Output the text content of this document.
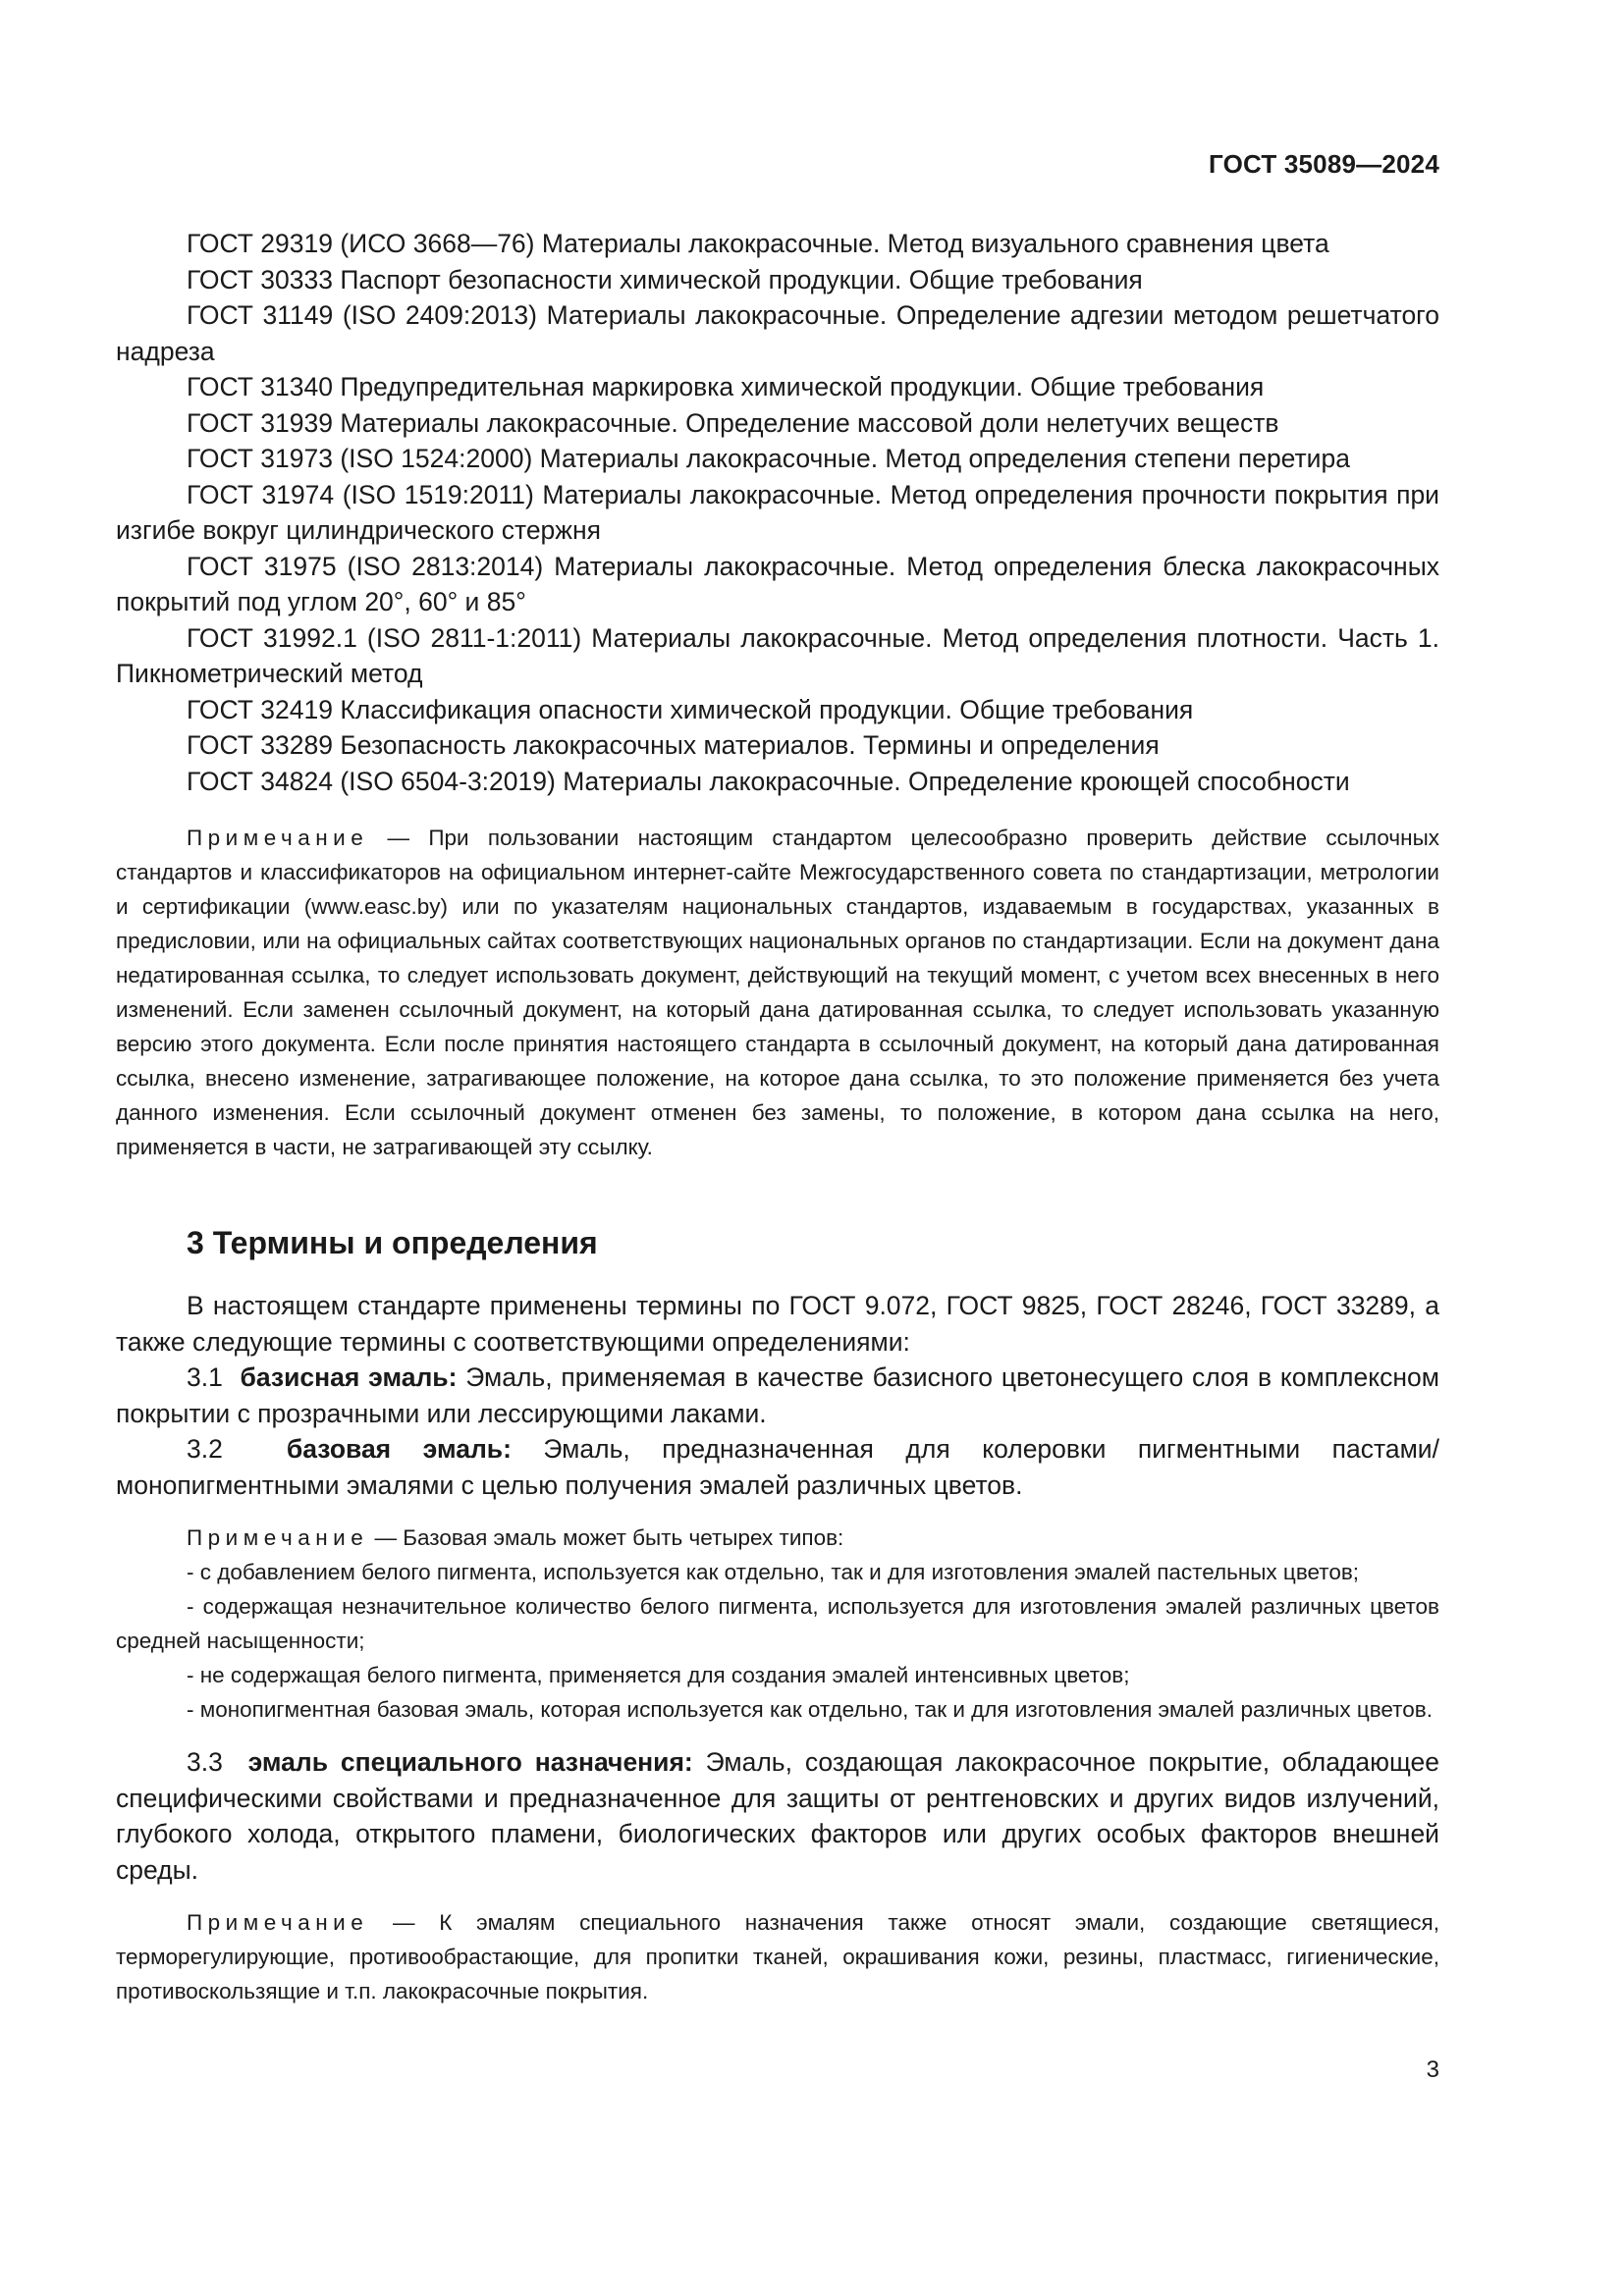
ГОСТ 35089—2024

ГОСТ 29319 (ИСО 3668—76) Материалы лакокрасочные. Метод визуального сравнения цвета

ГОСТ 30333 Паспорт безопасности химической продукции. Общие требования

ГОСТ 31149 (ISO 2409:2013) Материалы лакокрасочные. Определение адгезии методом решетчатого надреза

ГОСТ 31340 Предупредительная маркировка химической продукции. Общие требования

ГОСТ 31939 Материалы лакокрасочные. Определение массовой доли нелетучих веществ

ГОСТ 31973 (ISO 1524:2000) Материалы лакокрасочные. Метод определения степени перетира

ГОСТ 31974 (ISO 1519:2011) Материалы лакокрасочные. Метод определения прочности покрытия при изгибе вокруг цилиндрического стержня

ГОСТ 31975 (ISO 2813:2014) Материалы лакокрасочные. Метод определения блеска лакокрасочных покрытий под углом 20°, 60° и 85°

ГОСТ 31992.1 (ISO 2811-1:2011) Материалы лакокрасочные. Метод определения плотности. Часть 1. Пикнометрический метод

ГОСТ 32419 Классификация опасности химической продукции. Общие требования

ГОСТ 33289 Безопасность лакокрасочных материалов. Термины и определения

ГОСТ 34824 (ISO 6504-3:2019) Материалы лакокрасочные. Определение кроющей способности

Примечание — При пользовании настоящим стандартом целесообразно проверить действие ссылочных стандартов и классификаторов на официальном интернет-сайте Межгосударственного совета по стандартизации, метрологии и сертификации (www.easc.by) или по указателям национальных стандартов, издаваемым в государствах, указанных в предисловии, или на официальных сайтах соответствующих национальных органов по стандартизации. Если на документ дана недатированная ссылка, то следует использовать документ, действующий на текущий момент, с учетом всех внесенных в него изменений. Если заменен ссылочный документ, на который дана датированная ссылка, то следует использовать указанную версию этого документа. Если после принятия настоящего стандарта в ссылочный документ, на который дана датированная ссылка, внесено изменение, затрагивающее положение, на которое дана ссылка, то это положение применяется без учета данного изменения. Если ссылочный документ отменен без замены, то положение, в котором дана ссылка на него, применяется в части, не затрагивающей эту ссылку.

3 Термины и определения

В настоящем стандарте применены термины по ГОСТ 9.072, ГОСТ 9825, ГОСТ 28246, ГОСТ 33289, а также следующие термины с соответствующими определениями:

3.1 базисная эмаль: Эмаль, применяемая в качестве базисного цветонесущего слоя в комплексном покрытии с прозрачными или лессирующими лаками.

3.2 базовая эмаль: Эмаль, предназначенная для колеровки пигментными пастами/монопигментными эмалями с целью получения эмалей различных цветов.

Примечание — Базовая эмаль может быть четырех типов:

- с добавлением белого пигмента, используется как отдельно, так и для изготовления эмалей пастельных цветов;

- содержащая незначительное количество белого пигмента, используется для изготовления эмалей различных цветов средней насыщенности;

- не содержащая белого пигмента, применяется для создания эмалей интенсивных цветов;

- монопигментная базовая эмаль, которая используется как отдельно, так и для изготовления эмалей различных цветов.

3.3 эмаль специального назначения: Эмаль, создающая лакокрасочное покрытие, обладающее специфическими свойствами и предназначенное для защиты от рентгеновских и других видов излучений, глубокого холода, открытого пламени, биологических факторов или других особых факторов внешней среды.

Примечание — К эмалям специального назначения также относят эмали, создающие светящиеся, терморегулирующие, противообрастающие, для пропитки тканей, окрашивания кожи, резины, пластмасс, гигиенические, противоскользящие и т.п. лакокрасочные покрытия.

3
